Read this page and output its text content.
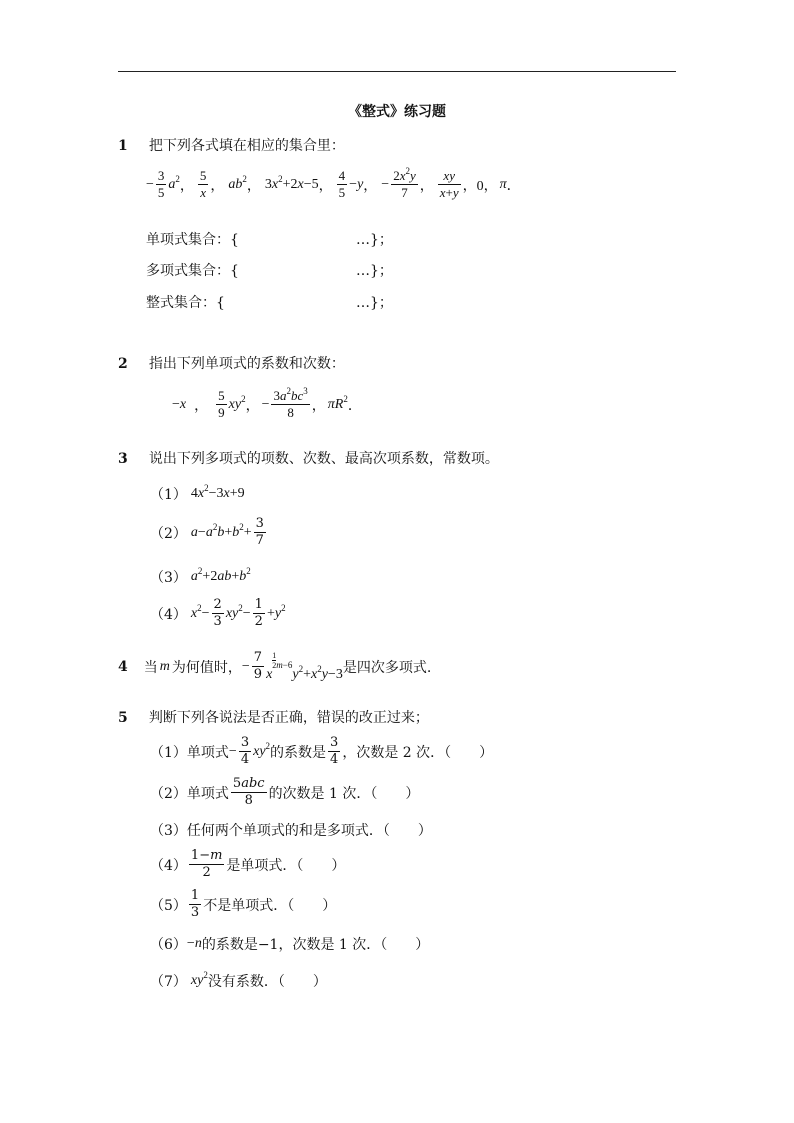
《整式》练习题
1 把下列各式填在相应的集合里：
− $\frac{3}{5} a^2$ ， $\frac{5}{x}$ ， $ab^2$ ， $3x^2+2x-5$ ， $\frac{4}{5} -y$ ， − $\frac{2x^2y}{7}$ ， $\frac{xy}{x+y}$ ，0， π ．
单项式集合：{	…}；
多项式集合：{	…}；
整式集合：{	…}；
2 指出下列单项式的系数和次数：
−x ， $\frac{5}{9} xy^2$ ， − $\frac{3a^2bc^3}{8}$ ， $\pi R^2$ ．
3 说出下列多项式的项数、次数、最高次项系数，常数项。
（1） $4x^2-3x+9$
（2） $a-a^2b+b^2+ \frac{3}{7}$
（3） $a^2+2ab+b^2$
（4） $x^2- \frac{2}{3} xy^2- \frac{1}{2} +y^2$
4 当 m 为何值时， − $\frac{7}{9}$ x
$^{\frac{1}{2} m-6}y^2+x^2y-3$ 是四次多项式.
5 判断下列各说法是否正确，错误的改正过来；
（1） 单项式 − $\frac{3}{4} xy^2$ 的系数是 $\frac{3}{4}$ ，次数是 2 次．（　　）
（2） 单项式 $\frac{\text{5abc}}{8}$ 的次数是 1 次．（　　）
（3） 任何两个单项式的和是多项式．（　　）
$(4) \frac{1-m}{2}$ 是单项式．（　　）
$(5) \frac{1}{3}$ 不是单项式．（　　）
（6） −n 的系数是−1，次数是 1 次．（　　）
（7） $xy^2$ 没有系数．（　　）
